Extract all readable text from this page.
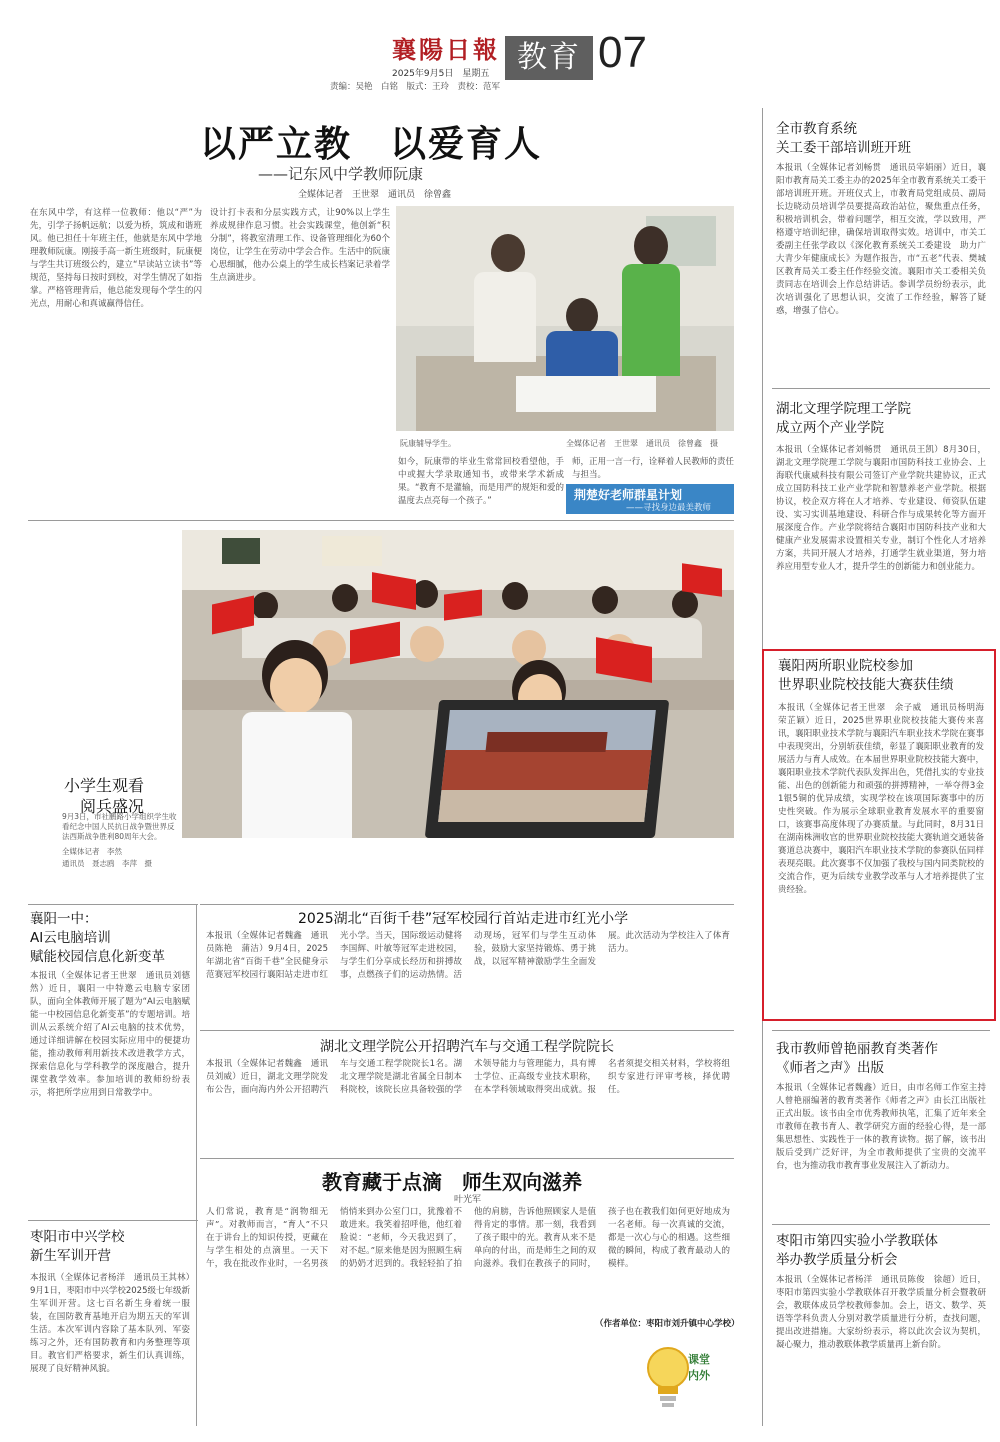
襄陽日報
2025年9月5日　星期五
责编：吴艳　白铭　版式：王玲　责校：范军
教育 07
以严立教　以爱育人
——记东风中学教师阮康
全媒体记者　王世翠　通讯员　徐曾鑫
在东风中学，有这样一位教师：他以“严”为先，引学子扬帆远航；以爱为桥，筑成和谐班风。他已担任十年班主任，他就是东风中学地理教师阮康。刚接手高一新生班级时，阮康便与学生共订班级公约，建立“早读站立读书”等规范，坚持每日按时到校，对学生情况了如指掌。严格管理背后，他总能发现每个学生的闪光点，用耐心和真诚赢得信任。
设计打卡表和分层实践方式，让90%以上学生养成规律作息习惯。社会实践课堂，他创新“积分制”，将教室清理工作、设备管理细化为60个岗位，让学生在劳动中学会合作。生活中的阮康心思细腻，他办公桌上的学生成长档案记录着学生点滴进步。
阮康辅导学生。	全媒体记者　王世翠　通讯员　徐曾鑫　摄
如今，阮康带的毕业生常常回校看望他，手中或握大学录取通知书，或带来学术新成果。“教育不是灌输，而是用严的规矩和爱的温度去点亮每一个孩子。”
师，正用一言一行，诠释着人民教师的责任与担当。
荆楚好老师群星计划
——寻找身边最美教师
小学生观看
阅兵盛况
9月3日，市社鹏路小学组织学生收看纪念中国人民抗日战争暨世界反法西斯战争胜利80周年大会。
全媒体记者　李然
通讯员　聂志鸥　李萍　摄
全市教育系统
关工委干部培训班开班
本报讯（全媒体记者刘畅贯　通讯员宰娟丽）近日，襄阳市教育局关工委主办的2025年全市教育系统关工委干部培训班开班。开班仪式上，市教育局党组成员、副局长边晓动员培训学员要提高政治站位，聚焦重点任务，积极培训机会，带着问题学，相互交流，学以致用，严格遵守培训纪律，确保培训取得实效。培训中，市关工委副主任张学政以《深化教育系统关工委建设　助力广大青少年健康成长》为题作报告，市“五老”代表、樊城区教育局关工委主任作经验交流。襄阳市关工委相关负责同志在培训会上作总结讲话。参训学员纷纷表示，此次培训强化了思想认识，交流了工作经验，解答了疑惑，增强了信心。
湖北文理学院理工学院
成立两个产业学院
本报讯（全媒体记者刘畅贯　通讯员王凯）8月30日，湖北文理学院理工学院与襄阳市国防科技工业协会、上海联代康威科技有限公司签订产业学院共建协议，正式成立国防科技工业产业学院和智慧养老产业学院。根据协议，校企双方将在人才培养、专业建设、师资队伍建设、实习实训基地建设、科研合作与成果转化等方面开展深度合作。产业学院将结合襄阳市国防科技产业和大健康产业发展需求设置相关专业，制订个性化人才培养方案，共同开展人才培养，打通学生就业渠道，努力培养应用型专业人才，提升学生的创新能力和创业能力。
襄阳两所职业院校参加
世界职业院校技能大赛获佳绩
本报讯（全媒体记者王世翠　余子威　通讯员杨明海　荣芷颖）近日，2025世界职业院校技能大赛传来喜讯，襄阳职业技术学院与襄阳汽车职业技术学院在赛事中表现突出，分别斩获佳绩，彰显了襄阳职业教育的发展活力与育人成效。在本届世界职业院校技能大赛中，襄阳职业技术学院代表队发挥出色，凭借扎实的专业技能、出色的创新能力和顽强的拼搏精神，一举夺得3金1银5铜的优异成绩，实现学校在该项国际赛事中的历史性突破。作为展示全球职业教育发展水平的重要窗口，该赛事高度体现了办赛质量。与此同时，8月31日在湖南株洲收官的世界职业院校技能大赛轨道交通装备赛道总决赛中，襄阳汽车职业技术学院的参赛队伍同样表现亮眼。此次赛事不仅加强了我校与国内同类院校的交流合作，更为后续专业教学改革与人才培养提供了宝贵经验。
我市教师曾艳丽教育类著作
《师者之声》出版
本报讯（全媒体记者魏鑫）近日，由市名师工作室主持人曾艳丽编著的教育类著作《师者之声》由长江出版社正式出版。该书由全市优秀教师执笔，汇集了近年来全市教师在教书育人、教学研究方面的经验心得，是一部集思想性、实践性于一体的教育读物。据了解，该书出版后受到广泛好评，为全市教师提供了宝贵的交流平台，也为推动我市教育事业发展注入了新动力。
枣阳市第四实验小学教联体
举办教学质量分析会
本报讯（全媒体记者杨洋　通讯员陈俊　徐超）近日，枣阳市第四实验小学教联体召开教学质量分析会暨教研会，教联体成员学校教师参加。会上，语文、数学、英语等学科负责人分别对教学质量进行分析，查找问题，提出改进措施。大家纷纷表示，将以此次会议为契机，凝心聚力，推动教联体教学质量再上新台阶。
襄阳一中：
AI云电脑培训
赋能校园信息化新变革
本报讯（全媒体记者王世翠　通讯员刘德然）近日，襄阳一中特邀云电脑专家团队，面向全体教师开展了题为“AI云电脑赋能一中校园信息化新变革”的专题培训。培训从云系统介绍了AI云电脑的技术优势，通过详细讲解在校园实际应用中的便捷功能，推动教师利用新技术改进教学方式，探索信息化与学科教学的深度融合，提升课堂教学效率。参加培训的教师纷纷表示，将把所学应用到日常教学中。
枣阳市中兴学校
新生军训开营
本报讯（全媒体记者杨洋　通讯员王其林）9月1日，枣阳市中兴学校2025级七年级新生军训开营。这七百名新生身着统一服装，在国防教育基地开启为期五天的军训生活。本次军训内容除了基本队列、军姿练习之外，还有国防教育和内务整理等项目。教官们严格要求，新生们认真训练，展现了良好精神风貌。
2025湖北“百街千巷”冠军校园行首站走进市红光小学
本报讯（全媒体记者魏鑫　通讯员陈艳　蒲洁）9月4日，2025年湖北省“百街千巷”全民健身示范赛冠军校园行襄阳站走进市红光小学。当天，国际级运动健将李国辉、叶敏等冠军走进校园，与学生们分享成长经历和拼搏故事，点燃孩子们的运动热情。活动现场，冠军们与学生互动体验，鼓励大家坚持锻炼、勇于挑战，以冠军精神激励学生全面发展。此次活动为学校注入了体育活力。
湖北文理学院公开招聘汽车与交通工程学院院长
本报讯（全媒体记者魏鑫　通讯员刘威）近日，湖北文理学院发布公告，面向海内外公开招聘汽车与交通工程学院院长1名。湖北文理学院是湖北省属全日制本科院校，该院长应具备较强的学术领导能力与管理能力，具有博士学位、正高级专业技术职称，在本学科领域取得突出成就。报名者须提交相关材料，学校将组织专家进行评审考核，择优聘任。
教育藏于点滴　师生双向滋养
叶光军
人们常说，教育是“润物细无声”。对教师而言，“育人”不只在于讲台上的知识传授，更藏在与学生相处的点滴里。一天下午，我在批改作业时，一名男孩悄悄来到办公室门口，犹豫着不敢进来。我笑着招呼他，他红着脸说：“老师，今天我迟到了，对不起。”原来他是因为照顾生病的奶奶才迟到的。我轻轻拍了拍他的肩膀，告诉他照顾家人是值得肯定的事情。那一刻，我看到了孩子眼中的光。教育从来不是单向的付出，而是师生之间的双向滋养。我们在教孩子的同时，孩子也在教我们如何更好地成为一名老师。每一次真诚的交流，都是一次心与心的相遇。这些细微的瞬间，构成了教育最动人的模样。
（作者单位：枣阳市刘升镇中心学校）
课堂内外
